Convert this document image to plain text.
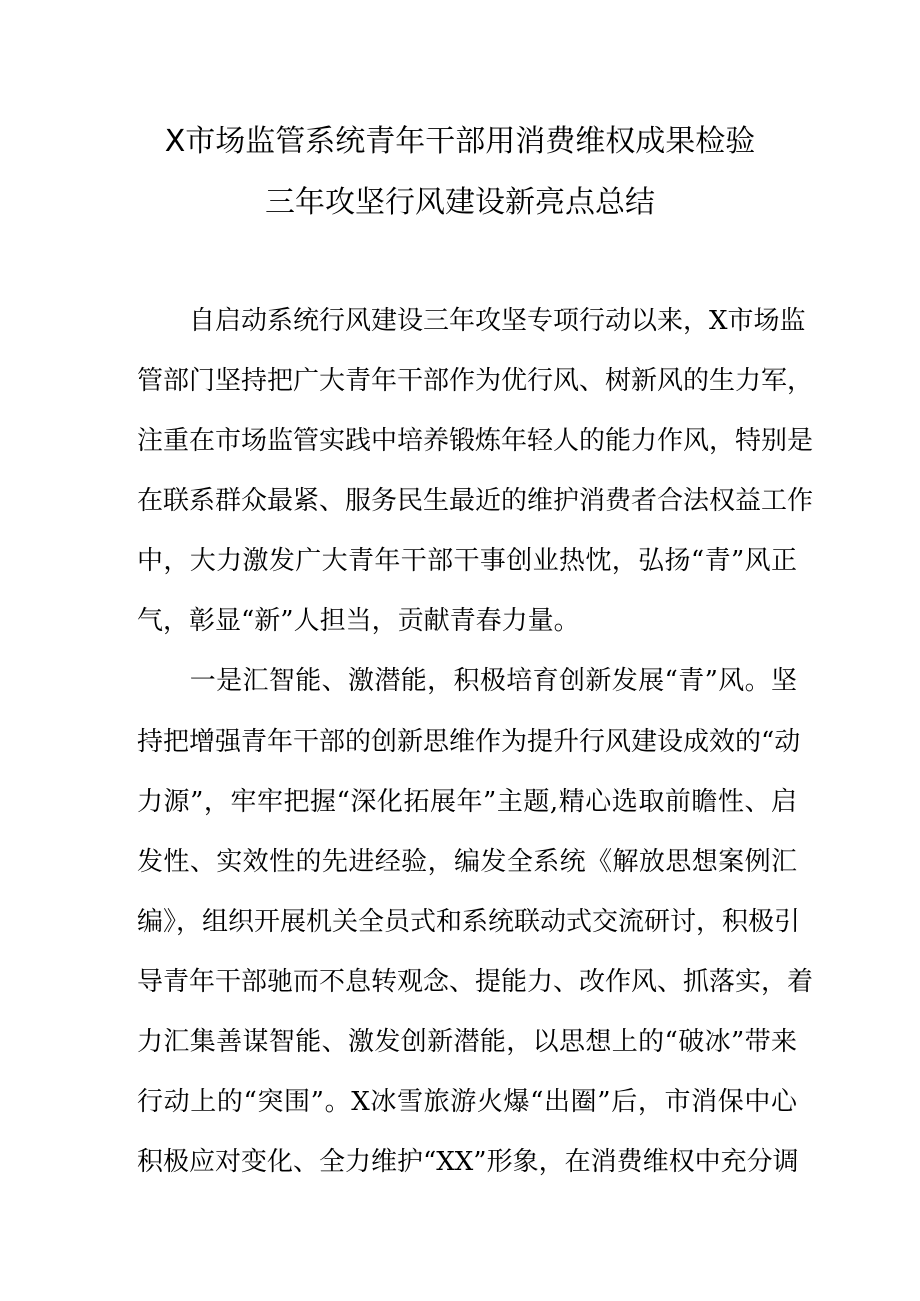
X市场监管系统青年干部用消费维权成果检验
三年攻坚行风建设新亮点总结
　　自启动系统行风建设三年攻坚专项行动以来，X市场监
管部门坚持把广大青年干部作为优行风、树新风的生力军，
注重在市场监管实践中培养锻炼年轻人的能力作风，特别是
在联系群众最紧、服务民生最近的维护消费者合法权益工作
中，大力激发广大青年干部干事创业热忱，弘扬“青”风正
气，彰显“新”人担当，贡献青春力量。
　　一是汇智能、激潜能，积极培育创新发展“青”风。坚
持把增强青年干部的创新思维作为提升行风建设成效的“动
力源”，牢牢把握“深化拓展年”主题,精心选取前瞻性、启
发性、实效性的先进经验，编发全系统《解放思想案例汇
编》，组织开展机关全员式和系统联动式交流研讨，积极引
导青年干部驰而不息转观念、提能力、改作风、抓落实，着
力汇集善谋智能、激发创新潜能，以思想上的“破冰”带来
行动上的“突围”。X冰雪旅游火爆“出圈”后，市消保中心
积极应对变化、全力维护“XX”形象，在消费维权中充分调
